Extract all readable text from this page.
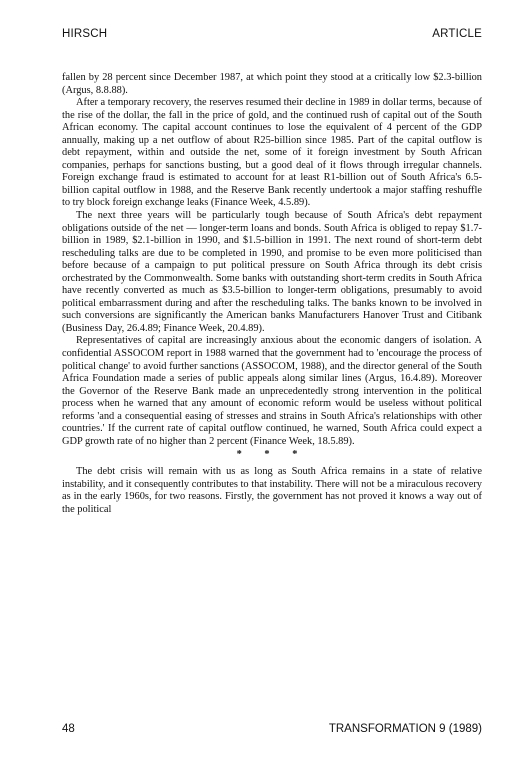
HIRSCH	ARTICLE

fallen by 28 percent since December 1987, at which point they stood at a critically low $2.3-billion (Argus, 8.8.88).

After a temporary recovery, the reserves resumed their decline in 1989 in dollar terms, because of the rise of the dollar, the fall in the price of gold, and the continued rush of capital out of the South African economy. The capital account continues to lose the equivalent of 4 percent of the GDP annually, making up a net outflow of about R25-billion since 1985. Part of the capital outflow is debt repayment, within and outside the net, some of it foreign investment by South African companies, perhaps for sanctions busting, but a good deal of it flows through irregular channels. Foreign exchange fraud is estimated to account for at least R1-billion out of South Africa's 6.5-billion capital outflow in 1988, and the Reserve Bank recently undertook a major staffing reshuffle to try block foreign exchange leaks (Finance Week, 4.5.89).

The next three years will be particularly tough because of South Africa's debt repayment obligations outside of the net — longer-term loans and bonds. South Africa is obliged to repay $1.7-billion in 1989, $2.1-billion in 1990, and $1.5-billion in 1991. The next round of short-term debt rescheduling talks are due to be completed in 1990, and promise to be even more politicised than before because of a campaign to put political pressure on South Africa through its debt crisis orchestrated by the Commonwealth. Some banks with outstanding short-term credits in South Africa have recently converted as much as $3.5-billion to longer-term obligations, presumably to avoid political embarrassment during and after the rescheduling talks. The banks known to be involved in such conversions are significantly the American banks Manufacturers Hanover Trust and Citibank (Business Day, 26.4.89; Finance Week, 20.4.89).

Representatives of capital are increasingly anxious about the economic dangers of isolation. A confidential ASSOCOM report in 1988 warned that the government had to 'encourage the process of political change' to avoid further sanctions (ASSOCOM, 1988), and the director general of the South Africa Foundation made a series of public appeals along similar lines (Argus, 16.4.89). Moreover the Governor of the Reserve Bank made an unprecedentedly strong intervention in the political process when he warned that any amount of economic reform would be useless without political reforms 'and a consequential easing of stresses and strains in South Africa's relationships with other countries.' If the current rate of capital outflow continued, he warned, South Africa could expect a GDP growth rate of no higher than 2 percent (Finance Week, 18.5.89).

* * *

The debt crisis will remain with us as long as South Africa remains in a state of relative instability, and it consequently contributes to that instability. There will not be a miraculous recovery as in the early 1960s, for two reasons. Firstly, the government has not proved it knows a way out of the political

48	TRANSFORMATION 9 (1989)
